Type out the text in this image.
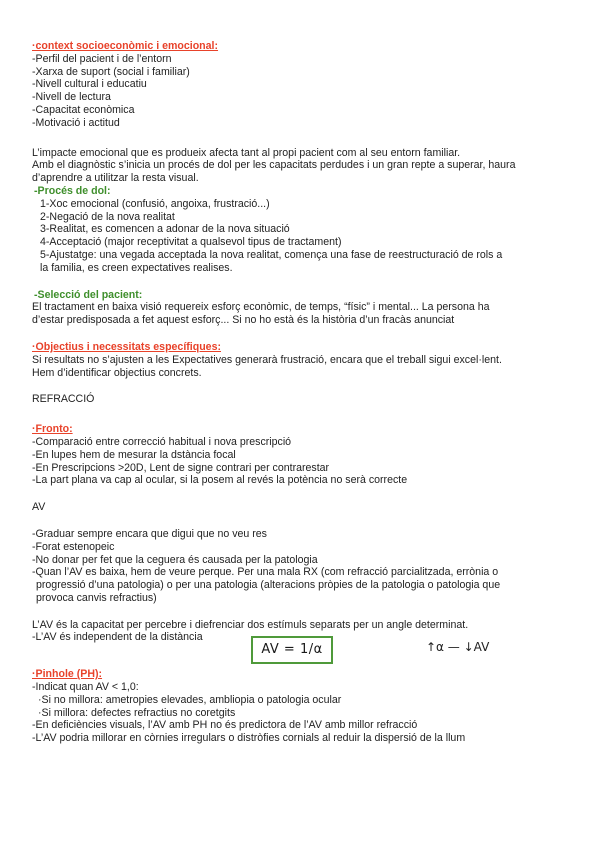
·context socioeconòmic i emocional:
-Perfil del pacient i de l’entorn
-Xarxa de suport (social i familiar)
-Nivell cultural i educatiu
-Nivell de lectura
-Capacitat econòmica
-Motivació i actitud
L’impacte emocional que es produeix afecta tant al propi pacient com al seu entorn familiar.
Amb el diagnòstic s’inicia un procés de dol per les capacitats perdudes i un gran repte a superar, haura
d’aprendre a utilitzar la resta visual.
-Procés de dol:
1-Xoc emocional (confusió, angoixa, frustració...)
2-Negació de la nova realitat
3-Realitat, es comencen a adonar de la nova situació
4-Acceptació (major receptivitat a qualsevol tipus de tractament)
5-Ajustatge: una vegada acceptada la nova realitat, comença una fase de reestructuració de rols a
la familia, es creen expectatives realises.
-Selecció del pacient:
El tractament en baixa visió requereix esforç econòmic, de temps, “físic” i mental... La persona ha
d’estar predisposada a fet aquest esforç... Si no ho està és la història d’un fracàs anunciat
·Objectius i necessitats específiques:
Si resultats no s’ajusten a les Expectatives generarà frustració, encara que el treball sigui excel·lent.
Hem d’identificar objectius concrets.
REFRACCIÓ
·Fronto:
-Comparació entre correcció habitual i nova prescripció
-En lupes hem de mesurar la dstància focal
-En Prescripcions >20D, Lent de signe contrari per contrarestar
-La part plana va cap al ocular, si la posem al revés la potència no serà correcte
AV
-Graduar sempre encara que digui que no veu res
-Forat estenopeic
-No donar per fet que la ceguera és causada per la patologia
-Quan l’AV es baixa, hem de veure perque. Per una mala RX (com refracció parcialitzada, errònia o
progressió d’una patologia) o per una patologia (alteracions pròpies de la patologia o patologia que
provoca canvis refractius)
L’AV és la capacitat per percebre i diefrenciar dos estímuls separats per un angle determinat.
-L’AV és independent de la distància
AV = 1/α	↑α — ↓AV
·Pinhole (PH):
-Indicat quan AV < 1,0:
·Si no millora: ametropies elevades, ambliopia o patologia ocular
·Si millora: defectes refractius no coretgits
-En deficiències visuals, l’AV amb PH no és predictora de l’AV amb millor refracció
-L’AV podria millorar en còrnies irregulars o distròfies cornials al reduir la dispersió de la llum
